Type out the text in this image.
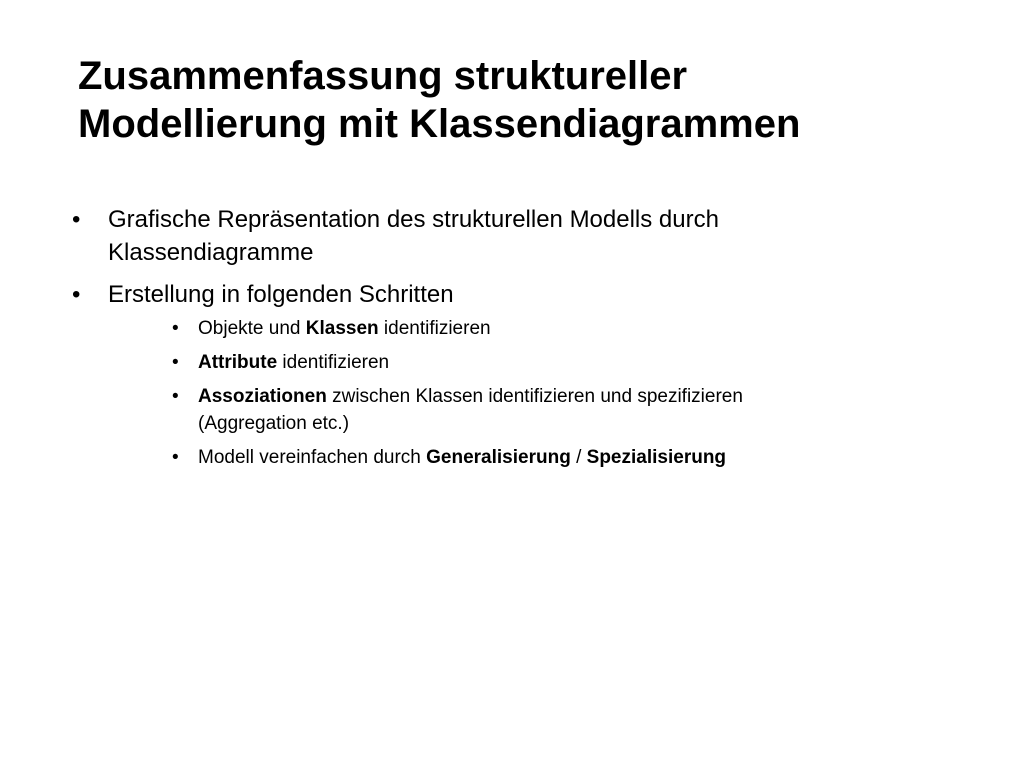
Zusammenfassung struktureller
Modellierung mit Klassendiagrammen
• Grafische Repräsentation des strukturellen Modells durch
Klassendiagramme
• Erstellung in folgenden Schritten
• Objekte und Klassen identifizieren
• Attribute identifizieren
• Assoziationen zwischen Klassen identifizieren und spezifizieren
(Aggregation etc.)
• Modell vereinfachen durch Generalisierung / Spezialisierung
